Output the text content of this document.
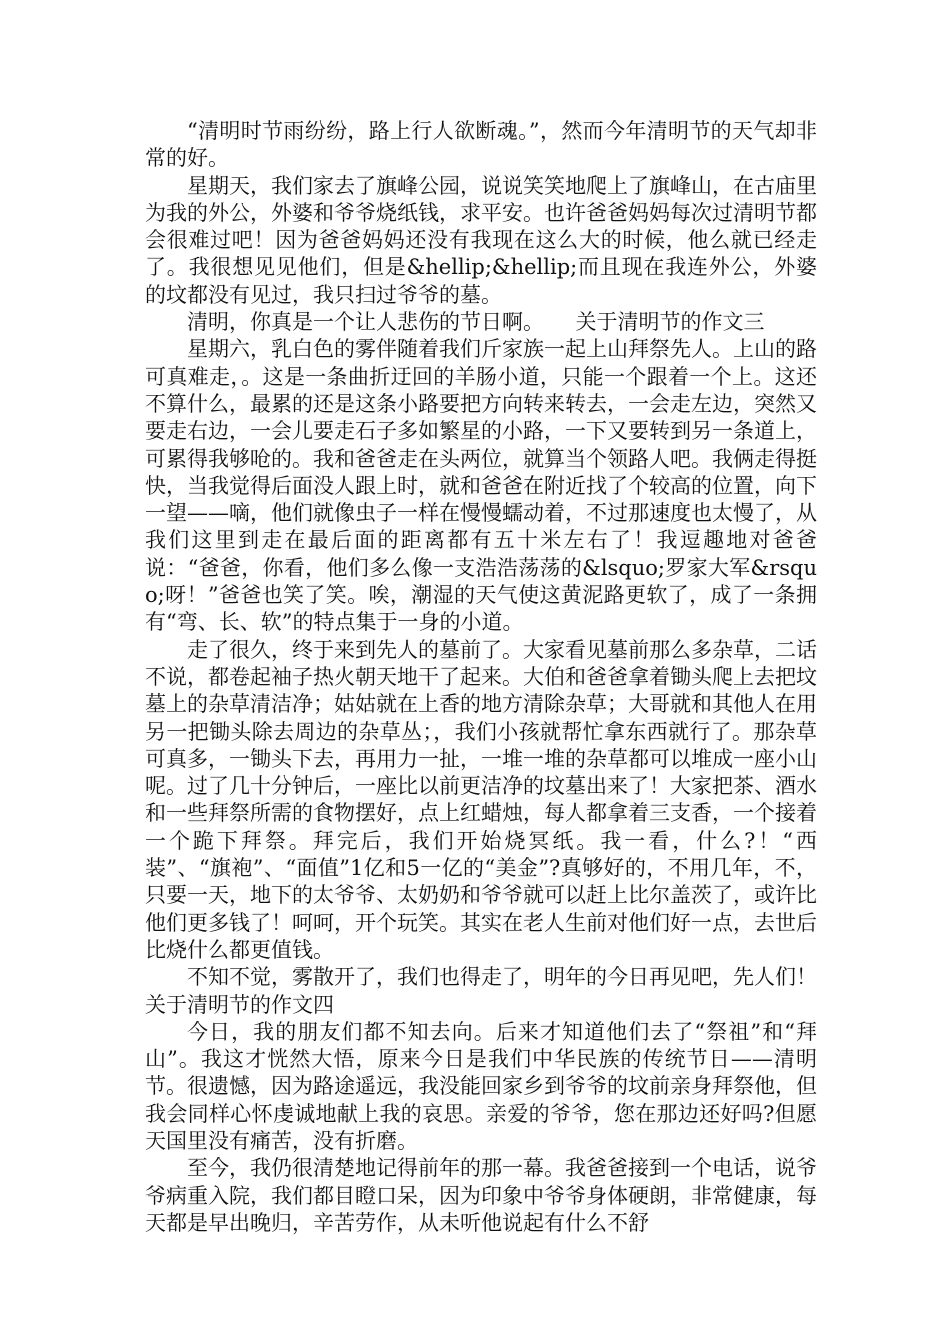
“清明时节雨纷纷，路上行人欲断魂。”，然而今年清明节的天气却非常的好。

星期天，我们家去了旗峰公园，说说笑笑地爬上了旗峰山，在古庙里为我的外公，外婆和爷爷烧纸钱，求平安。也许爸爸妈妈每次过清明节都会很难过吧！因为爸爸妈妈还没有我现在这么大的时候，他么就已经走了。我很想见见他们，但是&hellip;&hellip;而且现在我连外公，外婆的坟都没有见过，我只扫过爷爷的墓。

清明，你真是一个让人悲伤的节日啊。　　关于清明节的作文三

星期六，乳白色的雾伴随着我们斤家族一起上山拜祭先人。上山的路可真难走，。这是一条曲折迂回的羊肠小道，只能一个跟着一个上。这还不算什么，最累的还是这条小路要把方向转来转去，一会走左边，突然又要走右边，一会儿要走石子多如繁星的小路，一下又要转到另一条道上，可累得我够呛的。我和爸爸走在头两位，就算当个领路人吧。我俩走得挺快，当我觉得后面没人跟上时，就和爸爸在附近找了个较高的位置，向下一望——嘀，他们就像虫子一样在慢慢蠕动着，不过那速度也太慢了，从我们这里到走在最后面的距离都有五十米左右了！我逗趣地对爸爸说：“爸爸，你看，他们多么像一支浩浩荡荡的&lsquo;罗家大军&rsquo;呀！”爸爸也笑了笑。唉，潮湿的天气使这黄泥路更软了，成了一条拥有“弯、长、软”的特点集于一身的小道。

走了很久，终于来到先人的墓前了。大家看见墓前那么多杂草，二话不说，都卷起袖子热火朝天地干了起来。大伯和爸爸拿着锄头爬上去把坟墓上的杂草清洁净；姑姑就在上香的地方清除杂草；大哥就和其他人在用另一把锄头除去周边的杂草丛；，我们小孩就帮忙拿东西就行了。那杂草可真多，一锄头下去，再用力一扯，一堆一堆的杂草都可以堆成一座小山呢。过了几十分钟后，一座比以前更洁净的坟墓出来了！大家把茶、酒水和一些拜祭所需的食物摆好，点上红蜡烛，每人都拿着三支香，一个接着一个跪下拜祭。拜完后，我们开始烧冥纸。我一看，什么?！“西装”、“旗袍”、“面值”1亿和5一亿的“美金”?真够好的，不用几年，不，只要一天，地下的太爷爷、太奶奶和爷爷就可以赶上比尔盖茨了，或许比他们更多钱了！呵呵，开个玩笑。其实在老人生前对他们好一点，去世后比烧什么都更值钱。

不知不觉，雾散开了，我们也得走了，明年的今日再见吧，先人们！　　关于清明节的作文四

今日，我的朋友们都不知去向。后来才知道他们去了“祭祖”和“拜山”。我这才恍然大悟，原来今日是我们中华民族的传统节日——清明节。很遗憾，因为路途遥远，我没能回家乡到爷爷的坟前亲身拜祭他，但我会同样心怀虔诚地献上我的哀思。亲爱的爷爷，您在那边还好吗?但愿天国里没有痛苦，没有折磨。

至今，我仍很清楚地记得前年的那一幕。我爸爸接到一个电话，说爷爷病重入院，我们都目瞪口呆，因为印象中爷爷身体硬朗，非常健康，每天都是早出晚归，辛苦劳作，从未听他说起有什么不舒
